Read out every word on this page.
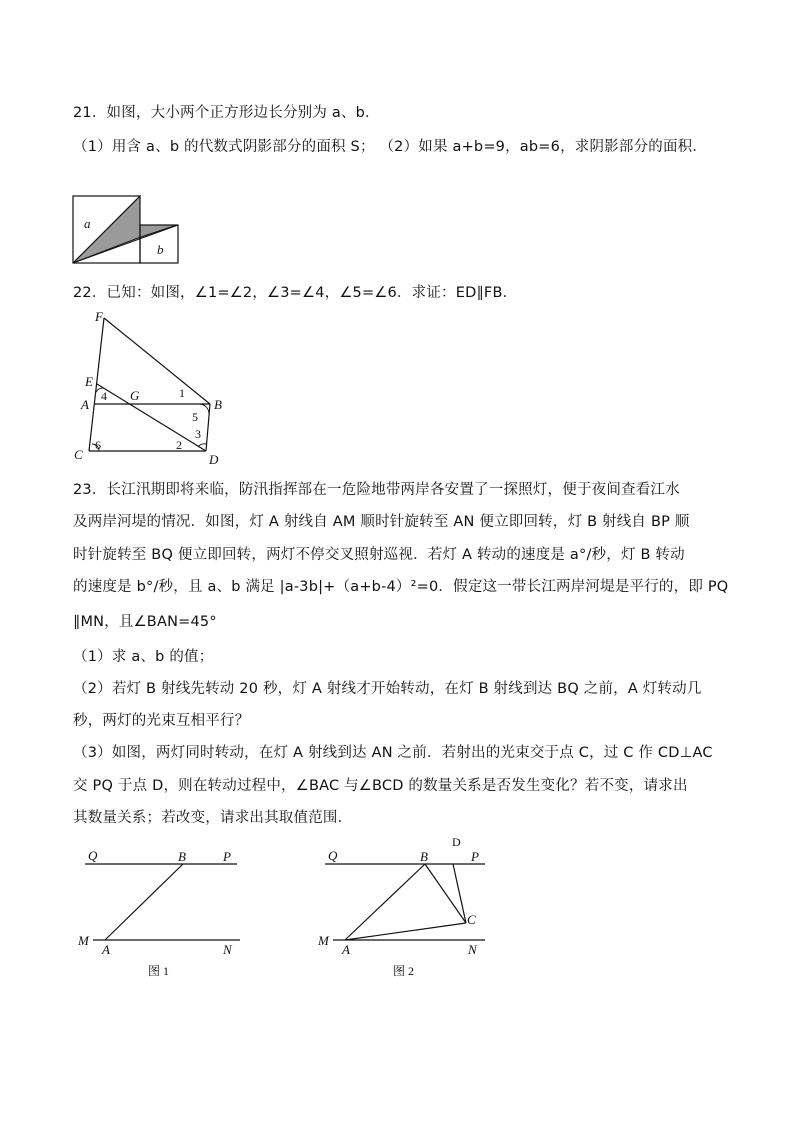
21．如图，大小两个正方形边长分别为 a、b．
（1）用含 a、b 的代数式阴影部分的面积 S； （2）如果 a+b=9，ab=6，求阴影部分的面积．
a
b
22．已知：如图，∠1=∠2，∠3=∠4，∠5=∠6．求证：ED∥FB．
F
E
A
C
G
B
D
1
2
3
4
5
6
23．长江汛期即将来临，防汛指挥部在一危险地带两岸各安置了一探照灯，便于夜间查看江水
及两岸河堤的情况．如图，灯 A 射线自 AM 顺时针旋转至 AN 便立即回转，灯 B 射线自 BP 顺
时针旋转至 BQ 便立即回转，两灯不停交叉照射巡视．若灯 A 转动的速度是 a°/秒，灯 B 转动
的速度是 b°/秒，且 a、b 满足 |a-3b|+（a+b-4）²=0．假定这一带长江两岸河堤是平行的，即 PQ
∥MN，且∠BAN=45°
（1）求 a、b 的值；
（2）若灯 B 射线先转动 20 秒，灯 A 射线才开始转动，在灯 B 射线到达 BQ 之前，A 灯转动几
秒，两灯的光束互相平行？
（3）如图，两灯同时转动，在灯 A 射线到达 AN 之前．若射出的光束交于点 C，过 C 作 CD⊥AC
交 PQ 于点 D，则在转动过程中，∠BAC 与∠BCD 的数量关系是否发生变化？若不变，请求出
其数量关系；若改变，请求出其取值范围．
Q	B	P
M
A	N
图 1
D
Q	B	P
C
M
A	N
图 2
